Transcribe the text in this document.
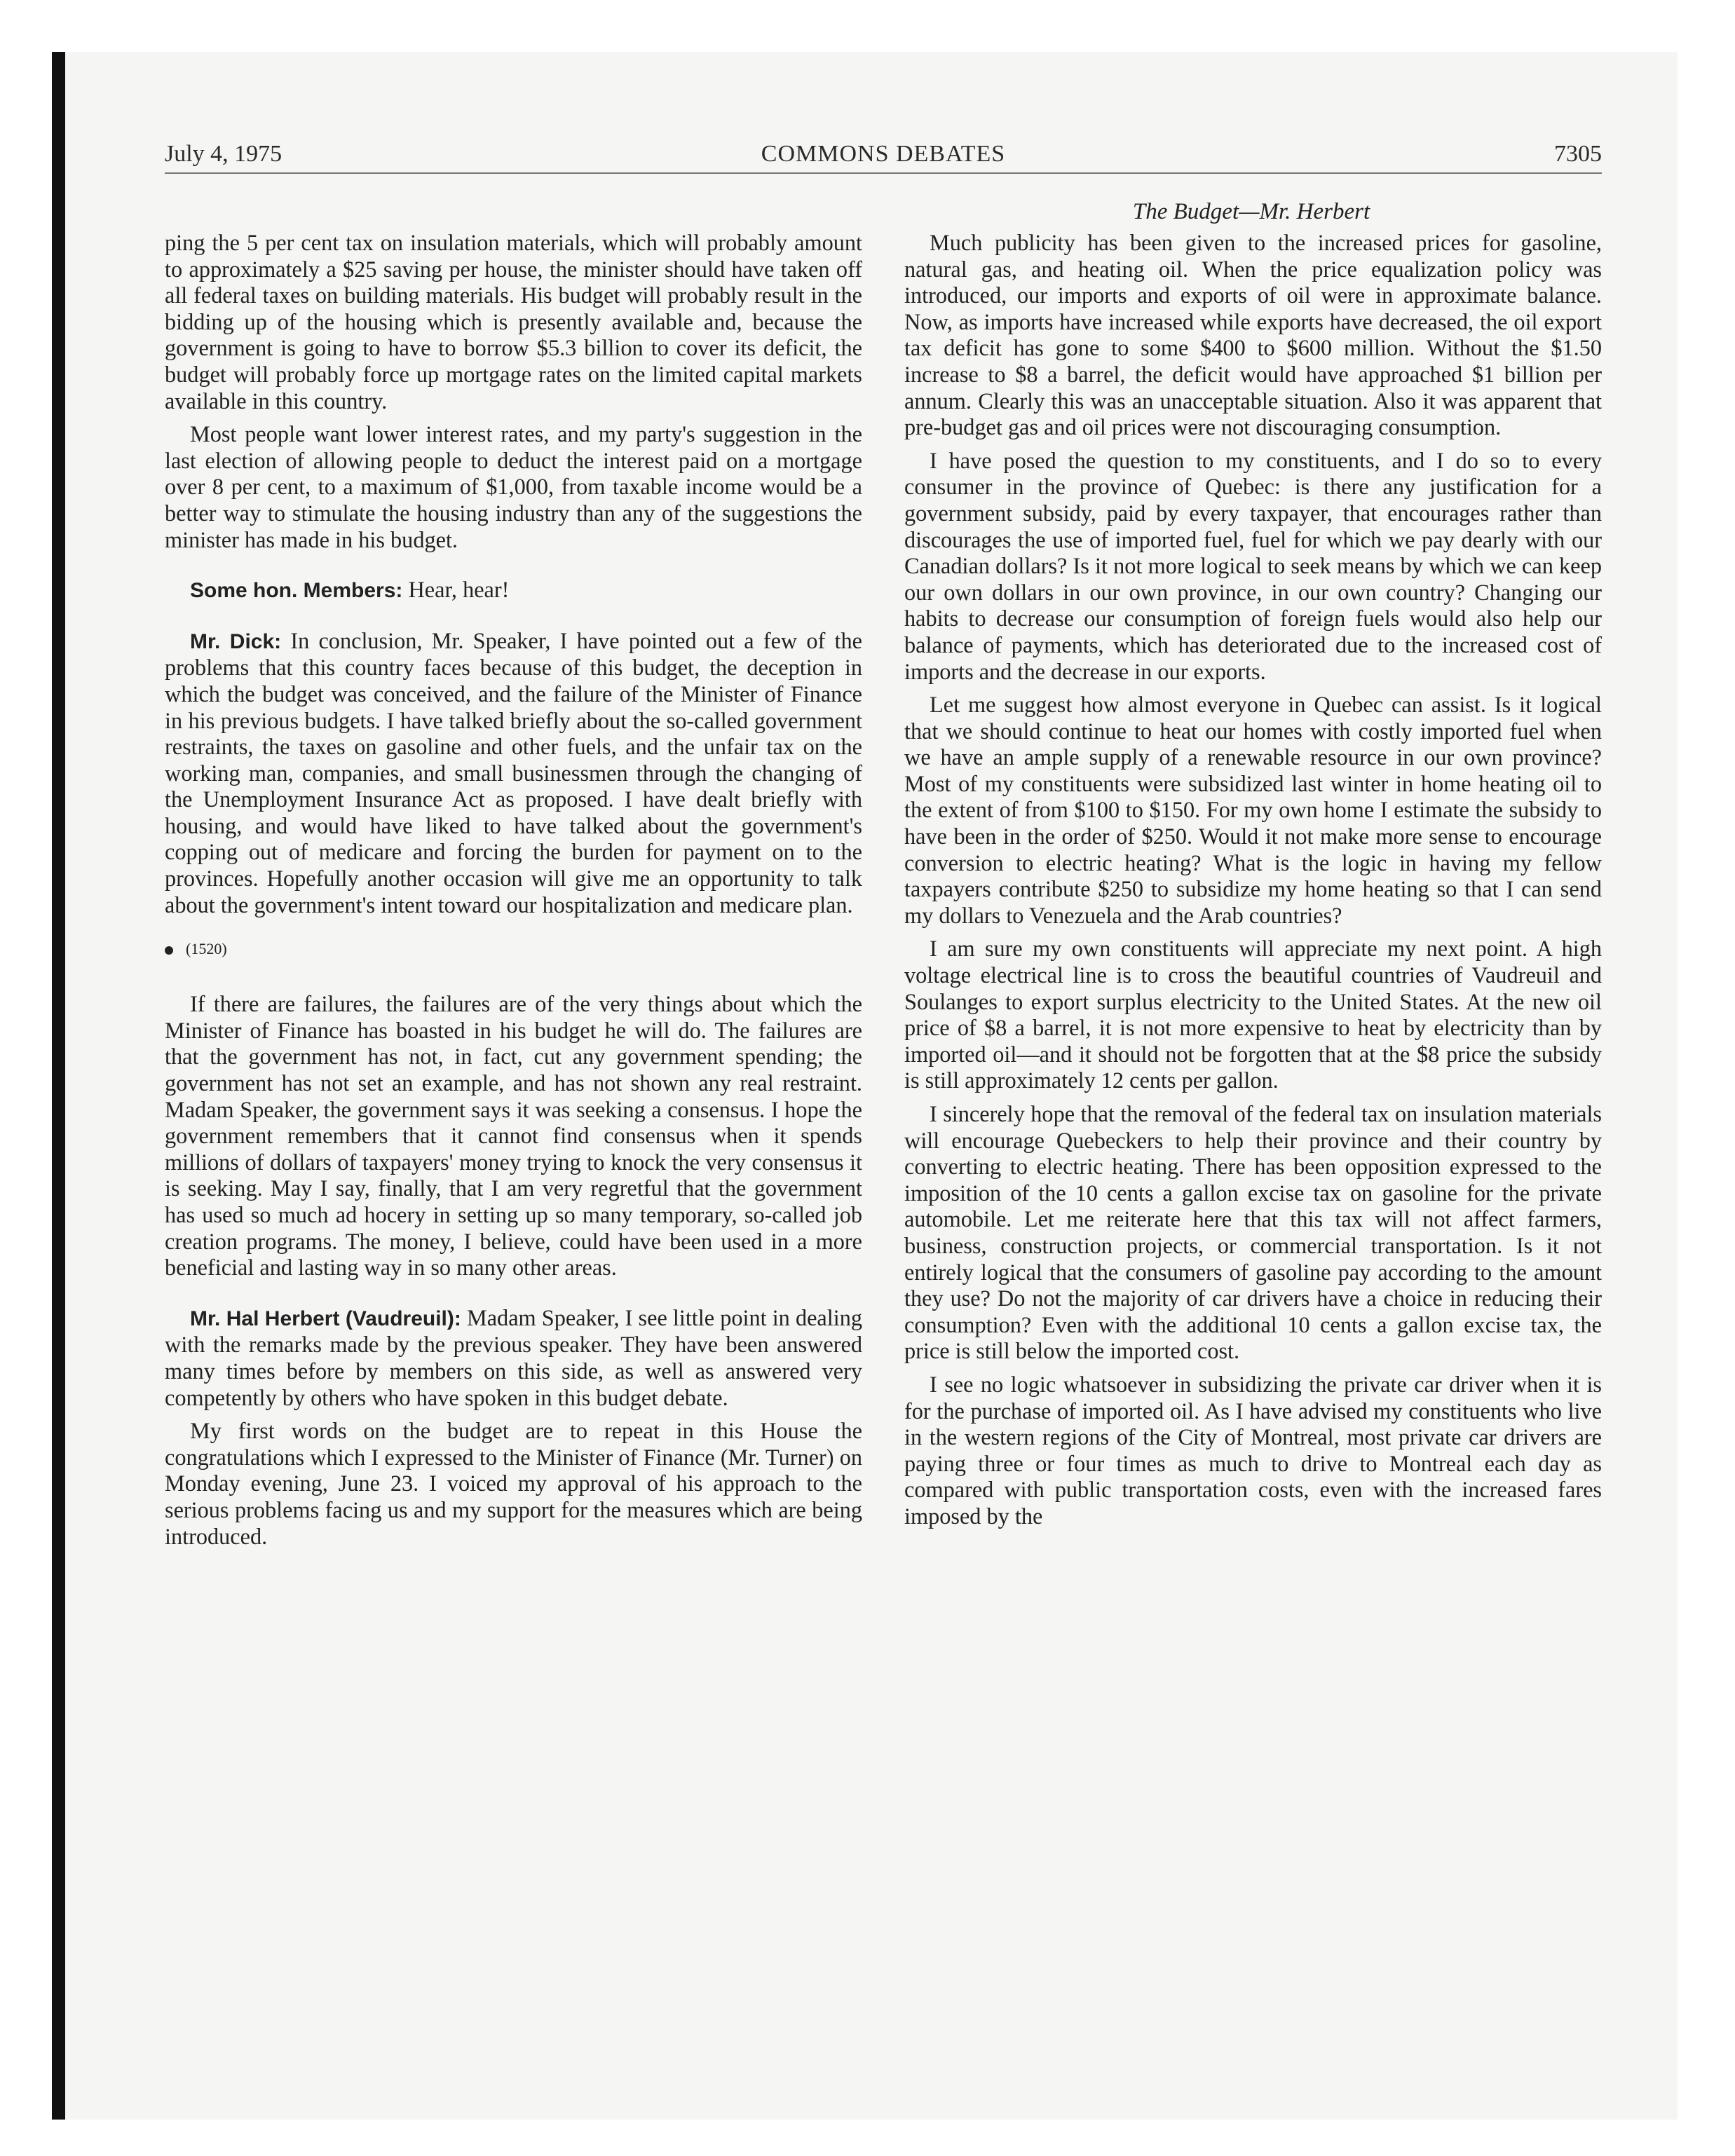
July 4, 1975	COMMONS DEBATES	7305
The Budget—Mr. Herbert

ping the 5 per cent tax on insulation materials, which will probably amount to approximately a $25 saving per house, the minister should have taken off all federal taxes on building materials. His budget will probably result in the bidding up of the housing which is presently available and, because the government is going to have to borrow $5.3 billion to cover its deficit, the budget will probably force up mortgage rates on the limited capital markets available in this country.

Most people want lower interest rates, and my party's suggestion in the last election of allowing people to deduct the interest paid on a mortgage over 8 per cent, to a maximum of $1,000, from taxable income would be a better way to stimulate the housing industry than any of the suggestions the minister has made in his budget.

Some hon. Members: Hear, hear!

Mr. Dick: In conclusion, Mr. Speaker, I have pointed out a few of the problems that this country faces because of this budget, the deception in which the budget was conceived, and the failure of the Minister of Finance in his previous budgets. I have talked briefly about the so-called government restraints, the taxes on gasoline and other fuels, and the unfair tax on the working man, companies, and small businessmen through the changing of the Unemployment Insurance Act as proposed. I have dealt briefly with housing, and would have liked to have talked about the government's copping out of medicare and forcing the burden for payment on to the provinces. Hopefully another occasion will give me an opportunity to talk about the government's intent toward our hospitalization and medicare plan.

(1520)

If there are failures, the failures are of the very things about which the Minister of Finance has boasted in his budget he will do. The failures are that the government has not, in fact, cut any government spending; the government has not set an example, and has not shown any real restraint. Madam Speaker, the government says it was seeking a consensus. I hope the government remembers that it cannot find consensus when it spends millions of dollars of taxpayers' money trying to knock the very consensus it is seeking. May I say, finally, that I am very regretful that the government has used so much ad hocery in setting up so many temporary, so-called job creation programs. The money, I believe, could have been used in a more beneficial and lasting way in so many other areas.

Mr. Hal Herbert (Vaudreuil): Madam Speaker, I see little point in dealing with the remarks made by the previous speaker. They have been answered many times before by members on this side, as well as answered very competently by others who have spoken in this budget debate.

My first words on the budget are to repeat in this House the congratulations which I expressed to the Minister of Finance (Mr. Turner) on Monday evening, June 23. I voiced my approval of his approach to the serious problems facing us and my support for the measures which are being introduced.

Much publicity has been given to the increased prices for gasoline, natural gas, and heating oil. When the price equalization policy was introduced, our imports and exports of oil were in approximate balance. Now, as imports have increased while exports have decreased, the oil export tax deficit has gone to some $400 to $600 million. Without the $1.50 increase to $8 a barrel, the deficit would have approached $1 billion per annum. Clearly this was an unacceptable situation. Also it was apparent that pre-budget gas and oil prices were not discouraging consumption.

I have posed the question to my constituents, and I do so to every consumer in the province of Quebec: is there any justification for a government subsidy, paid by every taxpayer, that encourages rather than discourages the use of imported fuel, fuel for which we pay dearly with our Canadian dollars? Is it not more logical to seek means by which we can keep our own dollars in our own province, in our own country? Changing our habits to decrease our consumption of foreign fuels would also help our balance of payments, which has deteriorated due to the increased cost of imports and the decrease in our exports.

Let me suggest how almost everyone in Quebec can assist. Is it logical that we should continue to heat our homes with costly imported fuel when we have an ample supply of a renewable resource in our own province? Most of my constituents were subsidized last winter in home heating oil to the extent of from $100 to $150. For my own home I estimate the subsidy to have been in the order of $250. Would it not make more sense to encourage conversion to electric heating? What is the logic in having my fellow taxpayers contribute $250 to subsidize my home heating so that I can send my dollars to Venezuela and the Arab countries?

I am sure my own constituents will appreciate my next point. A high voltage electrical line is to cross the beautiful countries of Vaudreuil and Soulanges to export surplus electricity to the United States. At the new oil price of $8 a barrel, it is not more expensive to heat by electricity than by imported oil—and it should not be forgotten that at the $8 price the subsidy is still approximately 12 cents per gallon.

I sincerely hope that the removal of the federal tax on insulation materials will encourage Quebeckers to help their province and their country by converting to electric heating. There has been opposition expressed to the imposition of the 10 cents a gallon excise tax on gasoline for the private automobile. Let me reiterate here that this tax will not affect farmers, business, construction projects, or commercial transportation. Is it not entirely logical that the consumers of gasoline pay according to the amount they use? Do not the majority of car drivers have a choice in reducing their consumption? Even with the additional 10 cents a gallon excise tax, the price is still below the imported cost.

I see no logic whatsoever in subsidizing the private car driver when it is for the purchase of imported oil. As I have advised my constituents who live in the western regions of the City of Montreal, most private car drivers are paying three or four times as much to drive to Montreal each day as compared with public transportation costs, even with the increased fares imposed by the
